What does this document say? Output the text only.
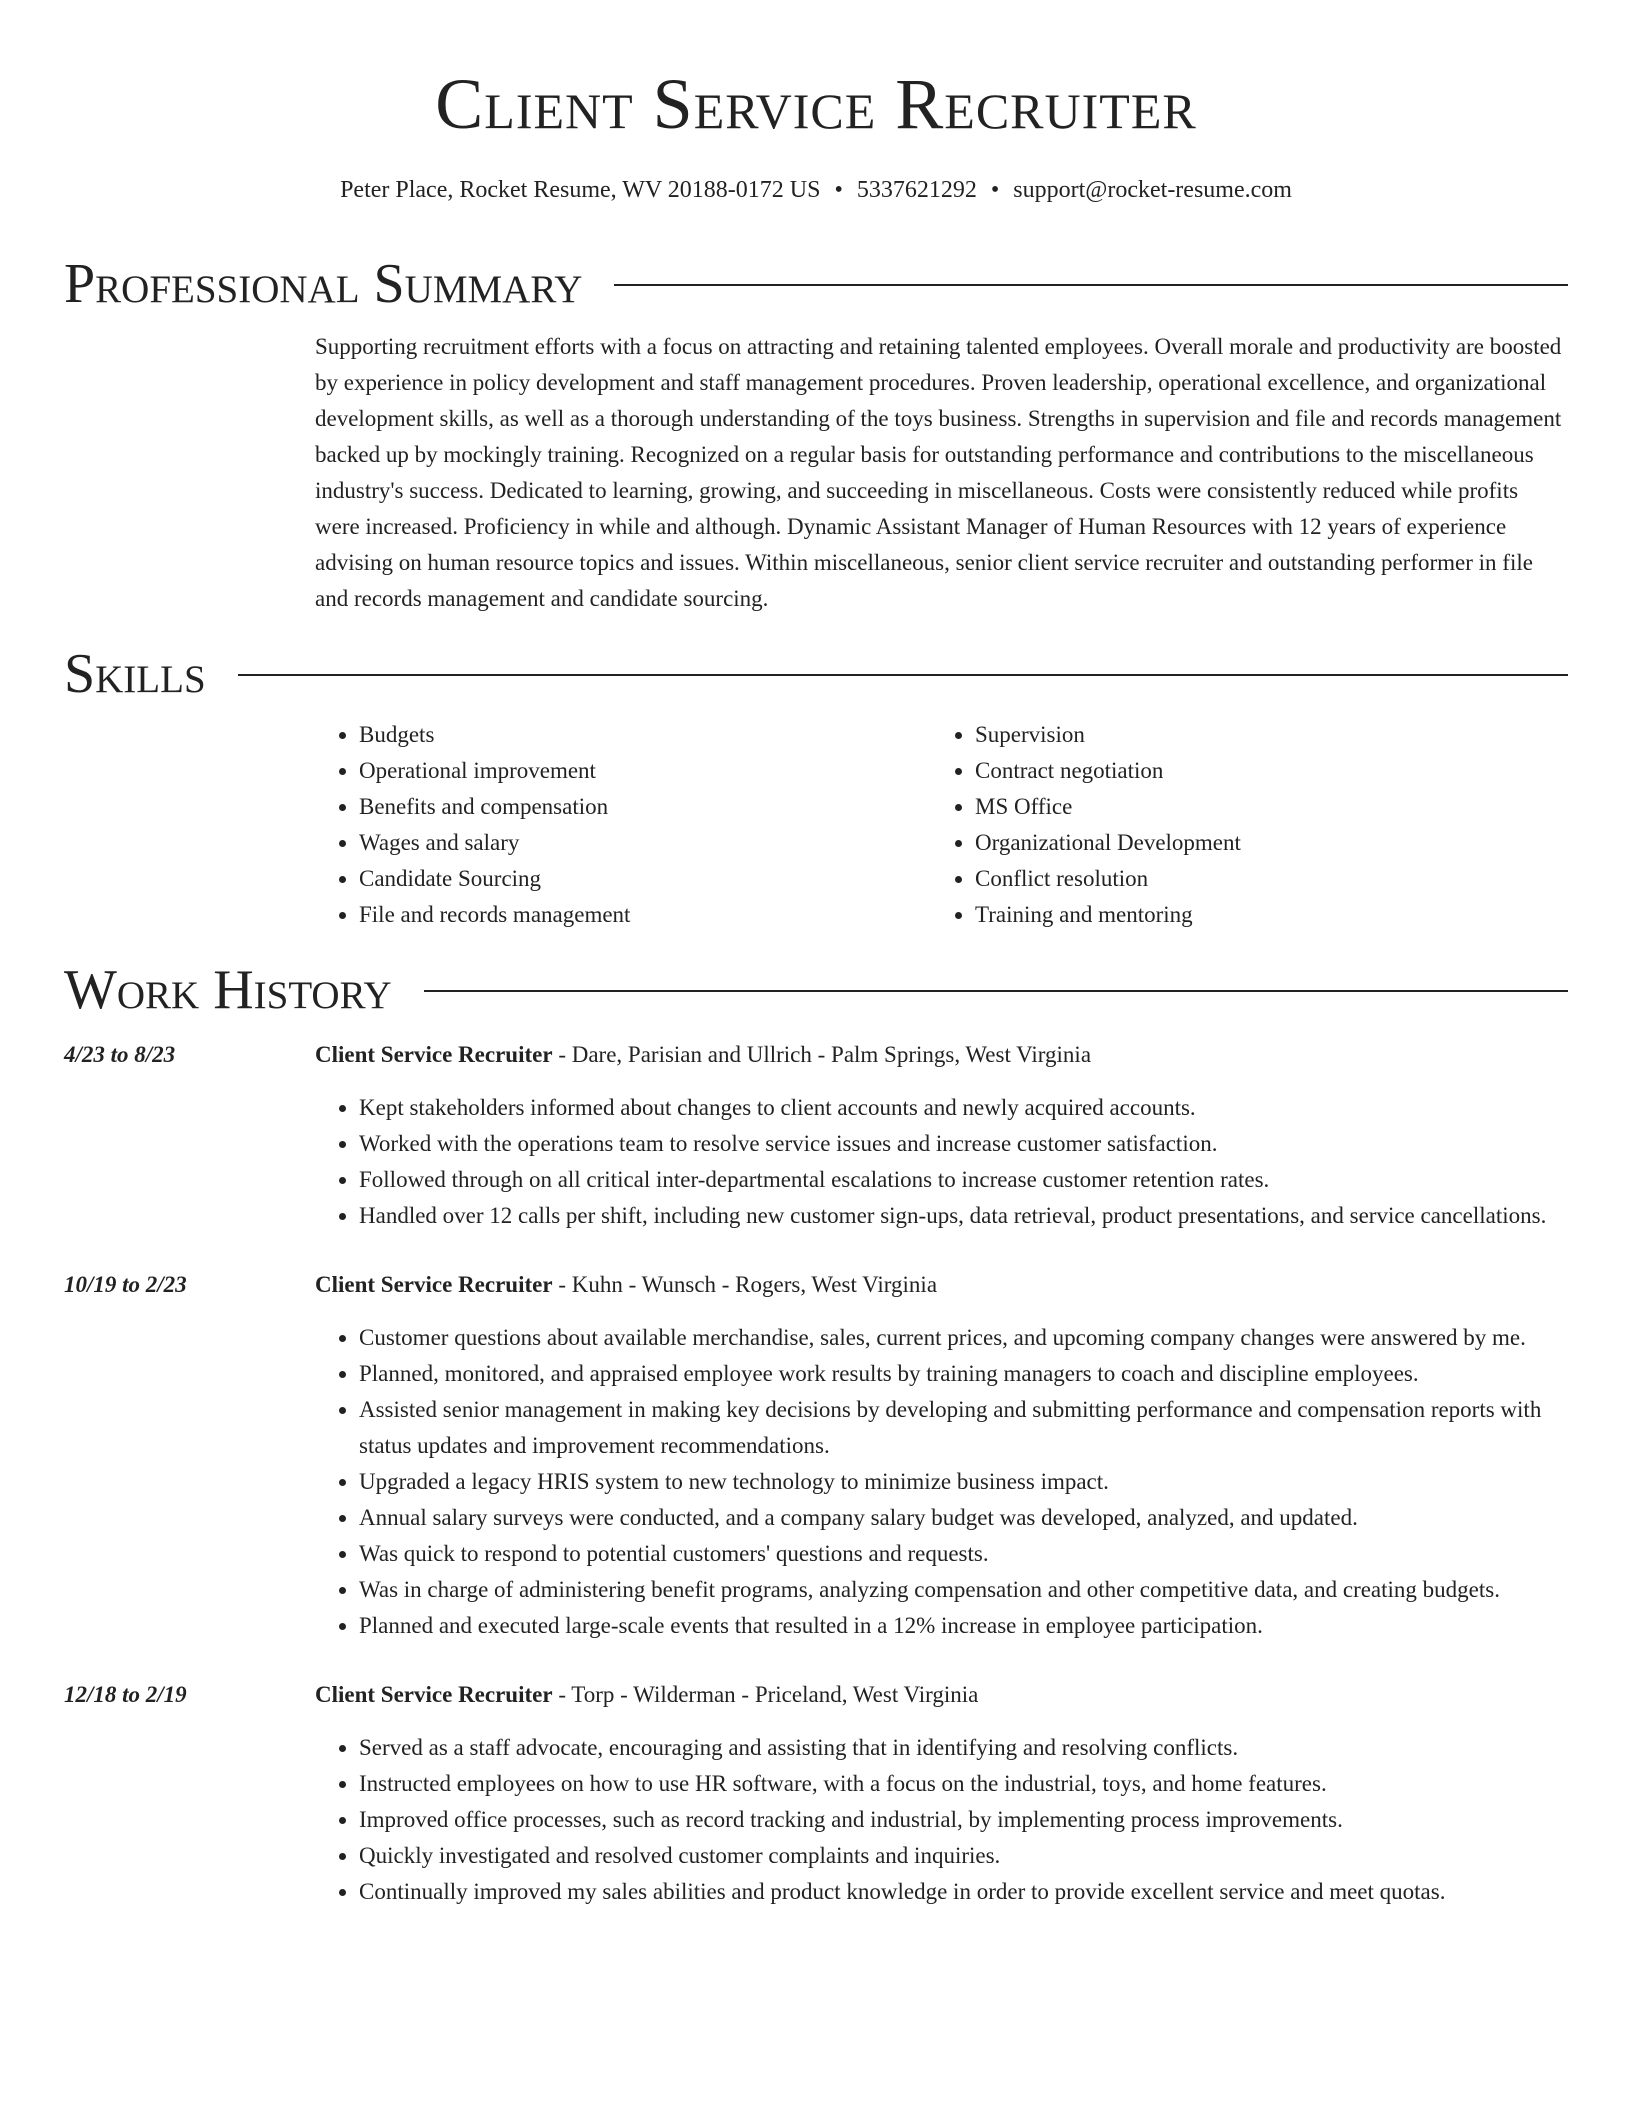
Client Service Recruiter
Peter Place, Rocket Resume, WV 20188-0172 US • 5337621292 • support@rocket-resume.com
Professional Summary
Supporting recruitment efforts with a focus on attracting and retaining talented employees. Overall morale and productivity are boosted by experience in policy development and staff management procedures. Proven leadership, operational excellence, and organizational development skills, as well as a thorough understanding of the toys business. Strengths in supervision and file and records management backed up by mockingly training. Recognized on a regular basis for outstanding performance and contributions to the miscellaneous industry's success. Dedicated to learning, growing, and succeeding in miscellaneous. Costs were consistently reduced while profits were increased. Proficiency in while and although. Dynamic Assistant Manager of Human Resources with 12 years of experience advising on human resource topics and issues. Within miscellaneous, senior client service recruiter and outstanding performer in file and records management and candidate sourcing.
Skills
• Budgets
• Operational improvement
• Benefits and compensation
• Wages and salary
• Candidate Sourcing
• File and records management
• Supervision
• Contract negotiation
• MS Office
• Organizational Development
• Conflict resolution
• Training and mentoring
Work History
4/23 to 8/23	Client Service Recruiter - Dare, Parisian and Ullrich - Palm Springs, West Virginia
• Kept stakeholders informed about changes to client accounts and newly acquired accounts.
• Worked with the operations team to resolve service issues and increase customer satisfaction.
• Followed through on all critical inter-departmental escalations to increase customer retention rates.
• Handled over 12 calls per shift, including new customer sign-ups, data retrieval, product presentations, and service cancellations.
10/19 to 2/23	Client Service Recruiter - Kuhn - Wunsch - Rogers, West Virginia
• Customer questions about available merchandise, sales, current prices, and upcoming company changes were answered by me.
• Planned, monitored, and appraised employee work results by training managers to coach and discipline employees.
• Assisted senior management in making key decisions by developing and submitting performance and compensation reports with status updates and improvement recommendations.
• Upgraded a legacy HRIS system to new technology to minimize business impact.
• Annual salary surveys were conducted, and a company salary budget was developed, analyzed, and updated.
• Was quick to respond to potential customers' questions and requests.
• Was in charge of administering benefit programs, analyzing compensation and other competitive data, and creating budgets.
• Planned and executed large-scale events that resulted in a 12% increase in employee participation.
12/18 to 2/19	Client Service Recruiter - Torp - Wilderman - Priceland, West Virginia
• Served as a staff advocate, encouraging and assisting that in identifying and resolving conflicts.
• Instructed employees on how to use HR software, with a focus on the industrial, toys, and home features.
• Improved office processes, such as record tracking and industrial, by implementing process improvements.
• Quickly investigated and resolved customer complaints and inquiries.
• Continually improved my sales abilities and product knowledge in order to provide excellent service and meet quotas.
